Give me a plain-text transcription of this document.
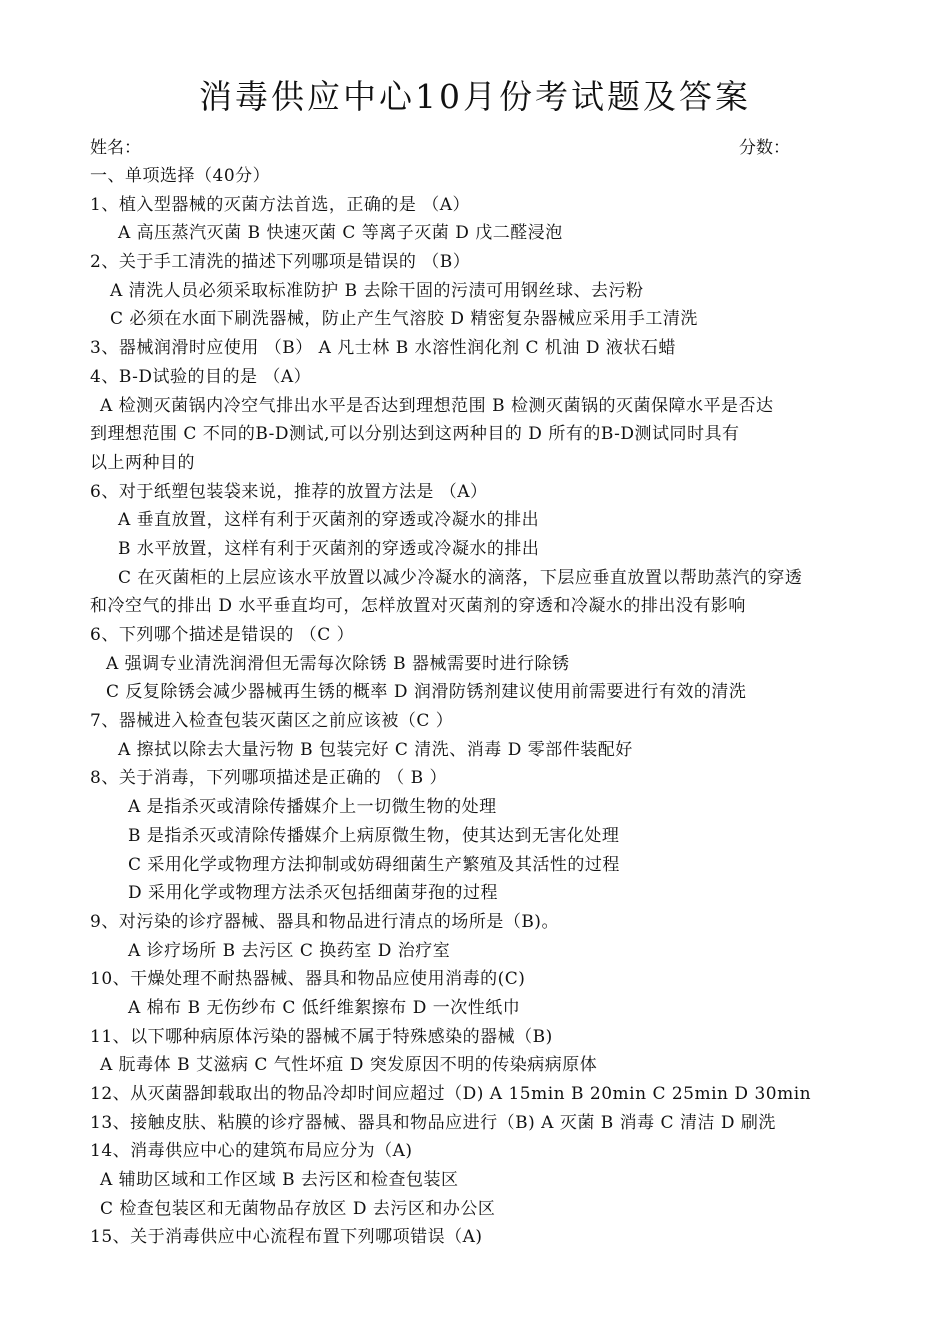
消毒供应中心10月份考试题及答案
姓名：	分数：
一、单项选择（40分）
1、植入型器械的灭菌方法首选，正确的是 （A）
A 高压蒸汽灭菌 B 快速灭菌 C 等离子灭菌 D 戊二醛浸泡
2、关于手工清洗的描述下列哪项是错误的 （B）
A 清洗人员必须采取标准防护 B 去除干固的污渍可用钢丝球、去污粉
C 必须在水面下刷洗器械，防止产生气溶胶 D 精密复杂器械应采用手工清洗
3、器械润滑时应使用 （B） A 凡士林 B 水溶性润化剂 C 机油 D 液状石蜡
4、B-D试验的目的是 （A）
A 检测灭菌锅内冷空气排出水平是否达到理想范围 B 检测灭菌锅的灭菌保障水平是否达
到理想范围 C 不同的B-D测试,可以分别达到这两种目的 D 所有的B-D测试同时具有
以上两种目的
6、对于纸塑包装袋来说，推荐的放置方法是 （A）
A 垂直放置，这样有利于灭菌剂的穿透或冷凝水的排出
B 水平放置，这样有利于灭菌剂的穿透或冷凝水的排出
C 在灭菌柜的上层应该水平放置以减少冷凝水的滴落，下层应垂直放置以帮助蒸汽的穿透
和冷空气的排出 D 水平垂直均可，怎样放置对灭菌剂的穿透和冷凝水的排出没有影响
6、下列哪个描述是错误的 （C ）
A 强调专业清洗润滑但无需每次除锈 B 器械需要时进行除锈
C 反复除锈会减少器械再生锈的概率 D 润滑防锈剂建议使用前需要进行有效的清洗
7、器械进入检查包装灭菌区之前应该被（C ）
A 擦拭以除去大量污物 B 包装完好 C 清洗、消毒 D 零部件装配好
8、关于消毒，下列哪项描述是正确的 （ B ）
A 是指杀灭或清除传播媒介上一切微生物的处理
B 是指杀灭或清除传播媒介上病原微生物，使其达到无害化处理
C 采用化学或物理方法抑制或妨碍细菌生产繁殖及其活性的过程
D 采用化学或物理方法杀灭包括细菌芽孢的过程
9、对污染的诊疗器械、器具和物品进行清点的场所是（B)。
A 诊疗场所 B 去污区 C 换药室 D 治疗室
10、干燥处理不耐热器械、器具和物品应使用消毒的(C)
A 棉布 B 无伤纱布 C 低纤维絮擦布 D 一次性纸巾
11、以下哪种病原体污染的器械不属于特殊感染的器械（B)
A 朊毒体 B 艾滋病 C 气性坏疽 D 突发原因不明的传染病病原体
12、从灭菌器卸载取出的物品冷却时间应超过（D) A 15min B 20min C 25min D 30min
13、接触皮肤、粘膜的诊疗器械、器具和物品应进行（B) A 灭菌 B 消毒 C 清洁 D 刷洗
14、消毒供应中心的建筑布局应分为（A)
A 辅助区域和工作区域 B 去污区和检查包装区
C 检查包装区和无菌物品存放区 D 去污区和办公区
15、关于消毒供应中心流程布置下列哪项错误（A)
